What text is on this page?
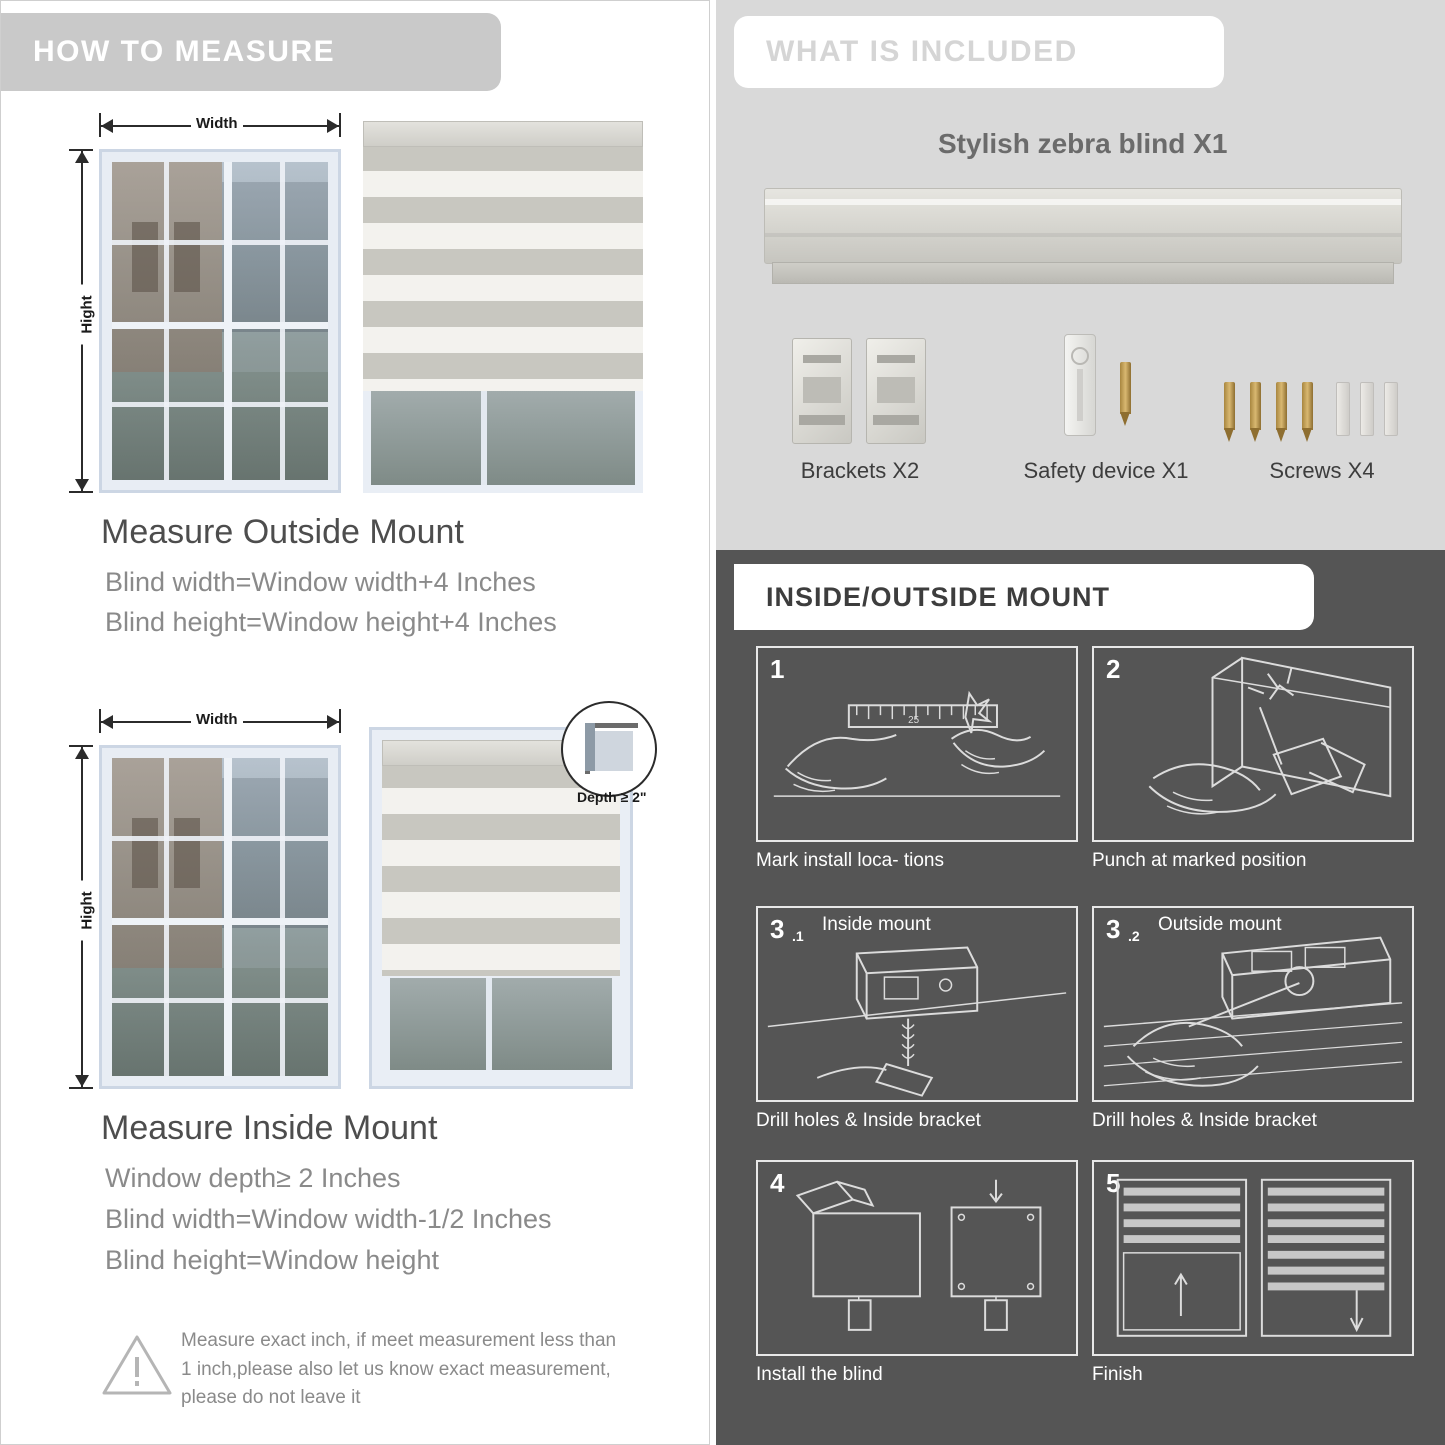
HOW TO MEASURE
Width
Hight
Measure Outside Mount
Blind width=Window width+4 Inches
Blind height=Window height+4 Inches
Width
Hight
Depth ≥ 2"
Measure Inside Mount
Window depth≥ 2 Inches
Blind width=Window width-1/2 Inches
Blind height=Window height
Measure exact inch, if meet measurement less than 1 inch,please also let us know exact measurement, please do not leave it
WHAT IS INCLUDED
Stylish zebra blind X1
Brackets X2	Safety device X1	Screws X4
INSIDE/OUTSIDE MOUNT
1
25
Mark install loca- tions
2
Punch at marked position
3 .1
Inside mount
Drill holes & Inside bracket
3 .2
Outside mount
Drill holes & Inside bracket
4
Install the blind
5
Finish
